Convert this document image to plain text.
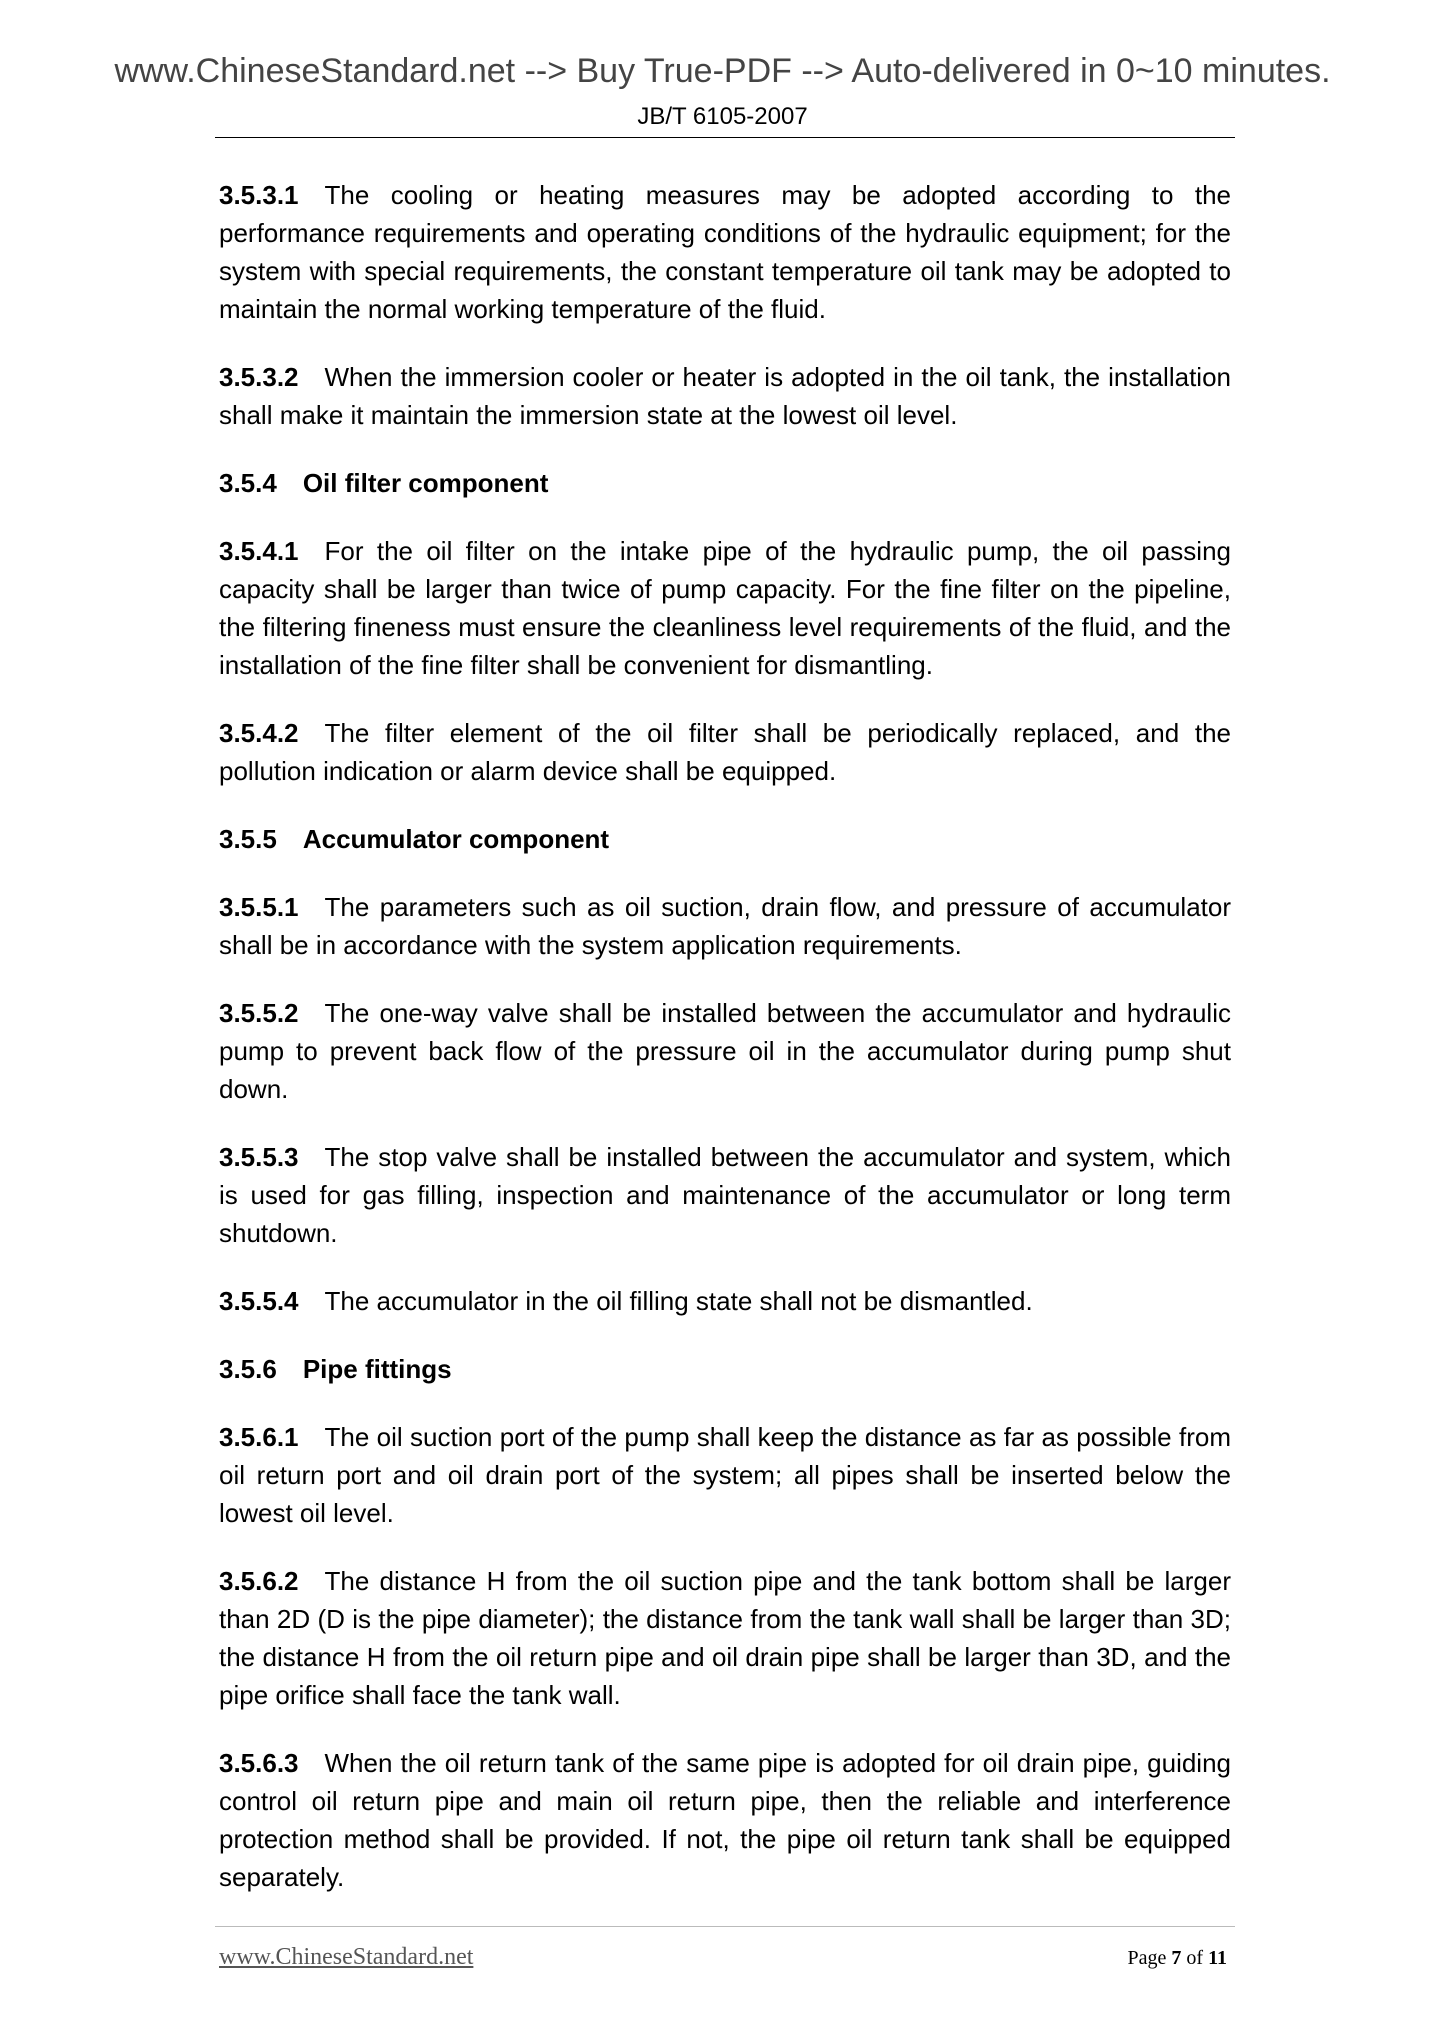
www.ChineseStandard.net --> Buy True-PDF --> Auto-delivered in 0~10 minutes.
JB/T 6105-2007

3.5.3.1 The cooling or heating measures may be adopted according to the performance requirements and operating conditions of the hydraulic equipment; for the system with special requirements, the constant temperature oil tank may be adopted to maintain the normal working temperature of the fluid.

3.5.3.2 When the immersion cooler or heater is adopted in the oil tank, the installation shall make it maintain the immersion state at the lowest oil level.

3.5.4 Oil filter component

3.5.4.1 For the oil filter on the intake pipe of the hydraulic pump, the oil passing capacity shall be larger than twice of pump capacity. For the fine filter on the pipeline, the filtering fineness must ensure the cleanliness level requirements of the fluid, and the installation of the fine filter shall be convenient for dismantling.

3.5.4.2 The filter element of the oil filter shall be periodically replaced, and the pollution indication or alarm device shall be equipped.

3.5.5 Accumulator component

3.5.5.1 The parameters such as oil suction, drain flow, and pressure of accumulator shall be in accordance with the system application requirements.

3.5.5.2 The one-way valve shall be installed between the accumulator and hydraulic pump to prevent back flow of the pressure oil in the accumulator during pump shut down.

3.5.5.3 The stop valve shall be installed between the accumulator and system, which is used for gas filling, inspection and maintenance of the accumulator or long term shutdown.

3.5.5.4 The accumulator in the oil filling state shall not be dismantled.

3.5.6 Pipe fittings

3.5.6.1 The oil suction port of the pump shall keep the distance as far as possible from oil return port and oil drain port of the system; all pipes shall be inserted below the lowest oil level.

3.5.6.2 The distance H from the oil suction pipe and the tank bottom shall be larger than 2D (D is the pipe diameter); the distance from the tank wall shall be larger than 3D; the distance H from the oil return pipe and oil drain pipe shall be larger than 3D, and the pipe orifice shall face the tank wall.

3.5.6.3 When the oil return tank of the same pipe is adopted for oil drain pipe, guiding control oil return pipe and main oil return pipe, then the reliable and interference protection method shall be provided. If not, the pipe oil return tank shall be equipped separately.

www.ChineseStandard.net	Page 7 of 11
